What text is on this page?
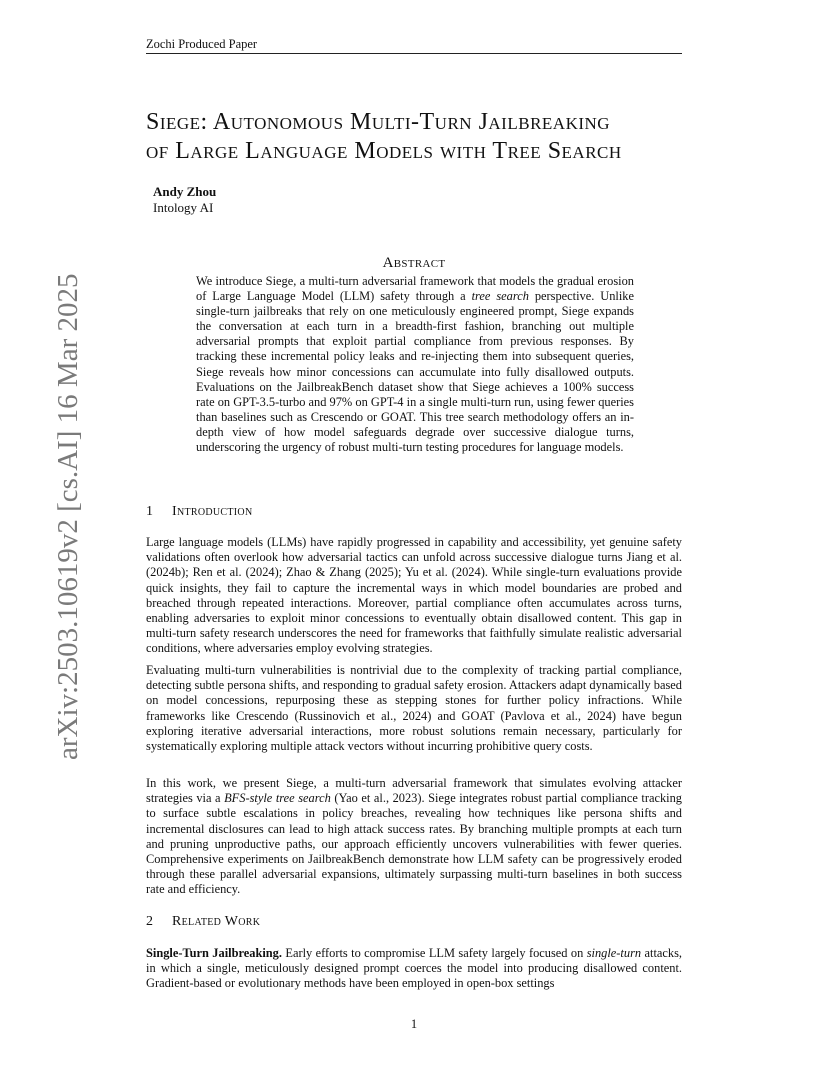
Zochi Produced Paper
arXiv:2503.10619v2 [cs.AI] 16 Mar 2025
Siege: Autonomous Multi-Turn Jailbreaking
of Large Language Models with Tree Search
Andy Zhou
Intology AI
Abstract

We introduce Siege, a multi-turn adversarial framework that models the gradual erosion of Large Language Model (LLM) safety through a tree search perspective. Unlike single-turn jailbreaks that rely on one meticulously engineered prompt, Siege expands the conversation at each turn in a breadth-first fashion, branching out multiple adversarial prompts that exploit partial compliance from previous responses. By tracking these incremental policy leaks and re-injecting them into subsequent queries, Siege reveals how minor concessions can accumulate into fully disallowed outputs. Evaluations on the JailbreakBench dataset show that Siege achieves a 100% success rate on GPT-3.5-turbo and 97% on GPT-4 in a single multi-turn run, using fewer queries than baselines such as Crescendo or GOAT. This tree search methodology offers an in-depth view of how model safeguards degrade over successive dialogue turns, underscoring the urgency of robust multi-turn testing procedures for language models.

1 Introduction

Large language models (LLMs) have rapidly progressed in capability and accessibility, yet genuine safety validations often overlook how adversarial tactics can unfold across successive dialogue turns Jiang et al. (2024b); Ren et al. (2024); Zhao & Zhang (2025); Yu et al. (2024). While single-turn evaluations provide quick insights, they fail to capture the incremental ways in which model boundaries are probed and breached through repeated interactions. Moreover, partial compliance often accumulates across turns, enabling adversaries to exploit minor concessions to eventually obtain disallowed content. This gap in multi-turn safety research underscores the need for frameworks that faithfully simulate realistic adversarial conditions, where adversaries employ evolving strategies.

Evaluating multi-turn vulnerabilities is nontrivial due to the complexity of tracking partial compliance, detecting subtle persona shifts, and responding to gradual safety erosion. Attackers adapt dynamically based on model concessions, repurposing these as stepping stones for further policy infractions. While frameworks like Crescendo (Russinovich et al., 2024) and GOAT (Pavlova et al., 2024) have begun exploring iterative adversarial interactions, more robust solutions remain necessary, particularly for systematically exploring multiple attack vectors without incurring prohibitive query costs.

In this work, we present Siege, a multi-turn adversarial framework that simulates evolving attacker strategies via a BFS-style tree search (Yao et al., 2023). Siege integrates robust partial compliance tracking to surface subtle escalations in policy breaches, revealing how techniques like persona shifts and incremental disclosures can lead to high attack success rates. By branching multiple prompts at each turn and pruning unproductive paths, our approach efficiently uncovers vulnerabilities with fewer queries. Comprehensive experiments on JailbreakBench demonstrate how LLM safety can be progressively eroded through these parallel adversarial expansions, ultimately surpassing multi-turn baselines in both success rate and efficiency.

2 Related Work

Single-Turn Jailbreaking. Early efforts to compromise LLM safety largely focused on single-turn attacks, in which a single, meticulously designed prompt coerces the model into producing disallowed content. Gradient-based or evolutionary methods have been employed in open-box settings

1
